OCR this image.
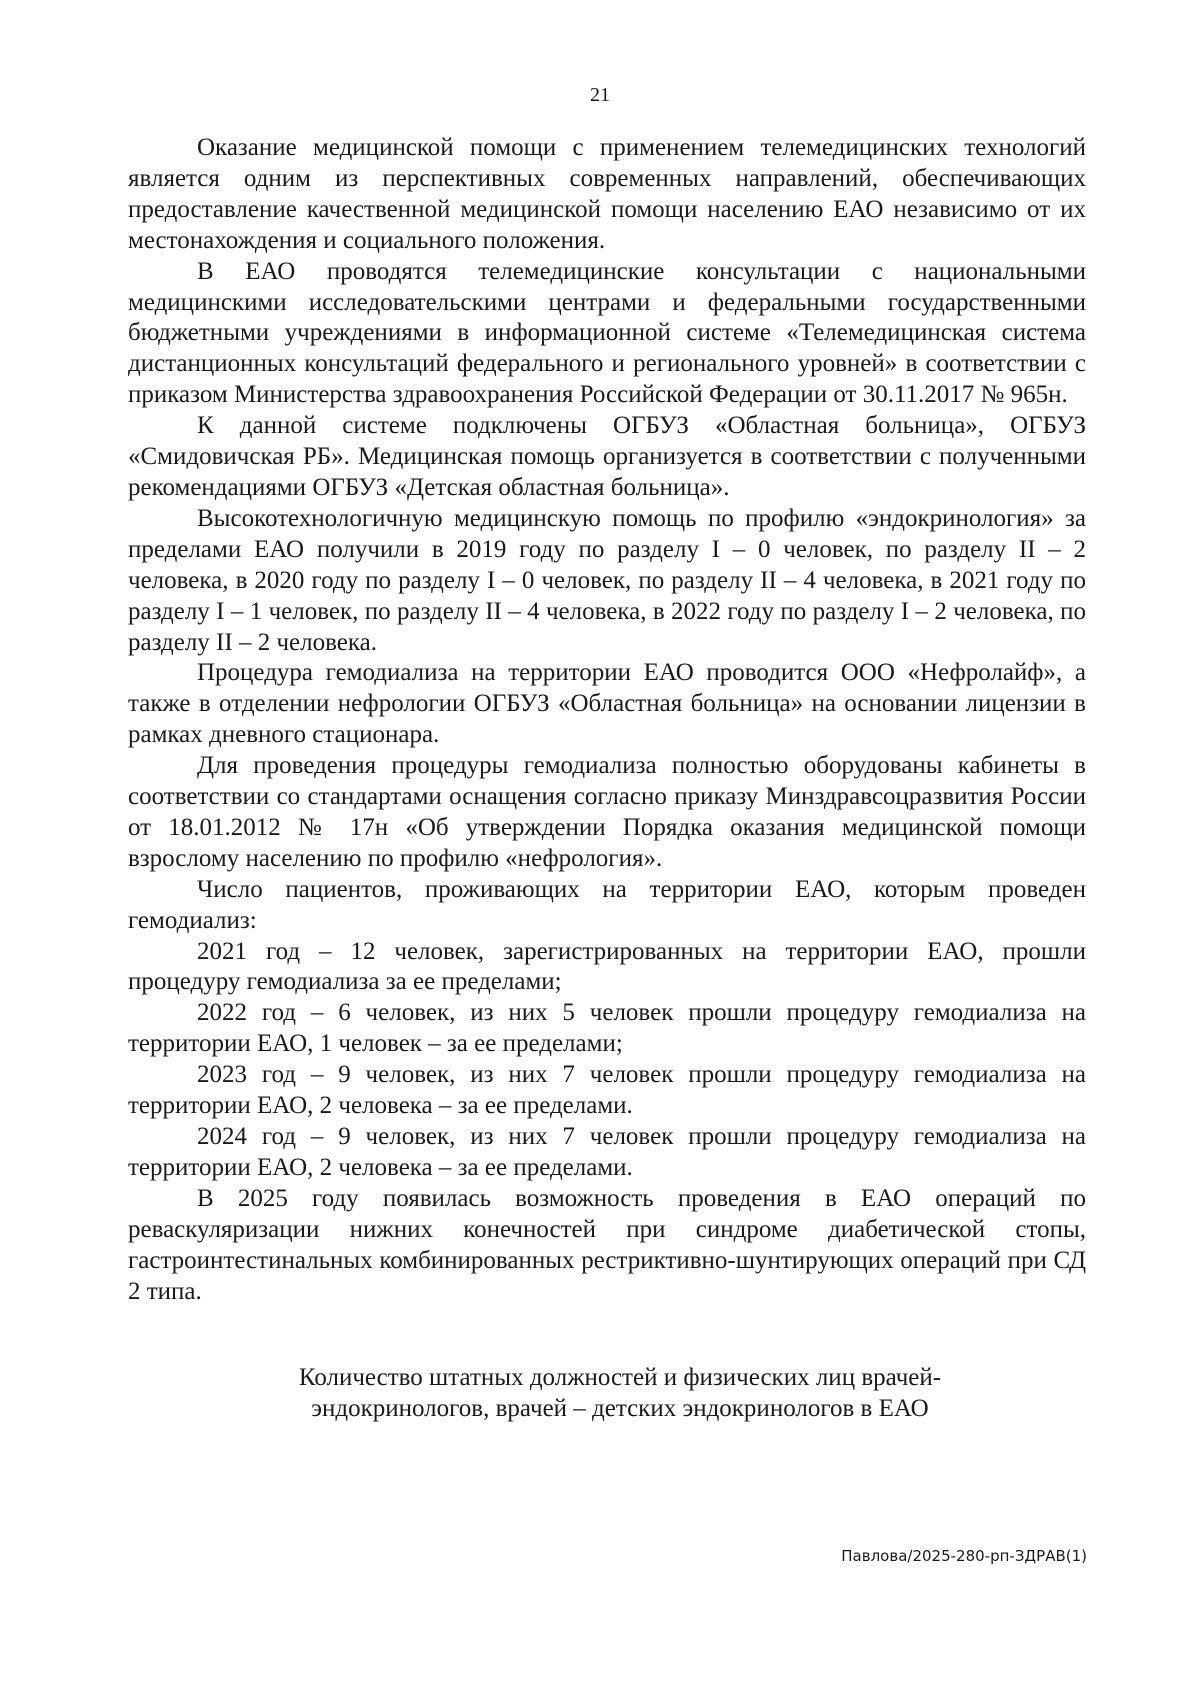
21

Оказание медицинской помощи с применением телемедицинских технологий является одним из перспективных современных направлений, обеспечивающих предоставление качественной медицинской помощи населению ЕАО независимо от их местонахождения и социального положения.

В ЕАО проводятся телемедицинские консультации с национальными медицинскими исследовательскими центрами и федеральными государственными бюджетными учреждениями в информационной системе «Телемедицинская система дистанционных консультаций федерального и регионального уровней» в соответствии с приказом Министерства здравоохранения Российской Федерации от 30.11.2017 № 965н.

К данной системе подключены ОГБУЗ «Областная больница», ОГБУЗ «Смидовичская РБ». Медицинская помощь организуется в соответствии с полученными рекомендациями ОГБУЗ «Детская областная больница».

Высокотехнологичную медицинскую помощь по профилю «эндокринология» за пределами ЕАО получили в 2019 году по разделу I – 0 человек, по разделу II – 2 человека, в 2020 году по разделу I – 0 человек, по разделу II – 4 человека, в 2021 году по разделу I – 1 человек, по разделу II – 4 человека, в 2022 году по разделу I – 2 человека, по разделу II – 2 человека.

Процедура гемодиализа на территории ЕАО проводится ООО «Нефролайф», а также в отделении нефрологии ОГБУЗ «Областная больница» на основании лицензии в рамках дневного стационара.

Для проведения процедуры гемодиализа полностью оборудованы кабинеты в соответствии со стандартами оснащения согласно приказу Минздравсоцразвития России от 18.01.2012 № 17н «Об утверждении Порядка оказания медицинской помощи взрослому населению по профилю «нефрология».

Число пациентов, проживающих на территории ЕАО, которым проведен гемодиализ:

2021 год – 12 человек, зарегистрированных на территории ЕАО, прошли процедуру гемодиализа за ее пределами;

2022 год – 6 человек, из них 5 человек прошли процедуру гемодиализа на территории ЕАО, 1 человек – за ее пределами;

2023 год – 9 человек, из них 7 человек прошли процедуру гемодиализа на территории ЕАО, 2 человека – за ее пределами.

2024 год – 9 человек, из них 7 человек прошли процедуру гемодиализа на территории ЕАО, 2 человека – за ее пределами.

В 2025 году появилась возможность проведения в ЕАО операций по реваскуляризации нижних конечностей при синдроме диабетической стопы, гастроинтестинальных комбинированных рестриктивно-шунтирующих операций при СД 2 типа.

Количество штатных должностей и физических лиц врачей-
эндокринологов, врачей – детских эндокринологов в ЕАО
Павлова/2025-280-рп-ЗДРАВ(1)
